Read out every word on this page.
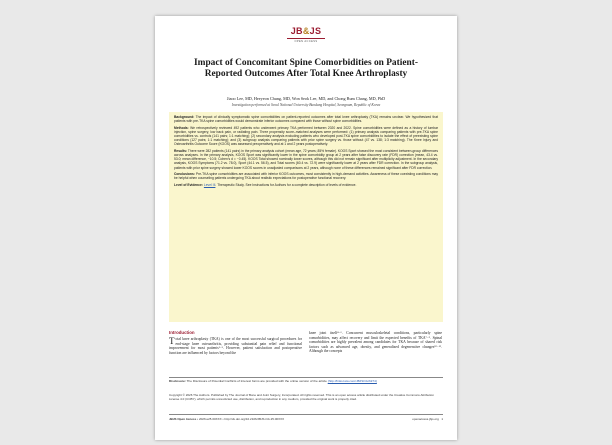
JB&JS
OPEN ACCESS
Impact of Concomitant Spine Comorbidities on Patient-Reported Outcomes After Total Knee Arthroplasty
Jiaoo Lee, MD, Heeyeon Chung, MD, Won Seok Lee, MD, and Chong Bum Chang, MD, PhD
Investigation performed at Seoul National University Bundang Hospital, Seongnam, Republic of Korea

Background: The impact of clinically symptomatic spine comorbidities on patient-reported outcomes after total knee arthroplasty (TKA) remains unclear. We hypothesized that patients with pre-TKA spine comorbidities would demonstrate inferior outcomes compared with those without spine comorbidities.

Methods: We retrospectively reviewed 492 patients who underwent primary TKA performed between 2020 and 2022. Spine comorbidities were defined as a history of lumbar injection, spine surgery, low back pain, or radiating pain. Three propensity score–matched analyses were performed: (1) primary analysis comparing patients with pre-TKA spine comorbidities vs. controls (141 pairs; 1:1 matching); (2) secondary analysis excluding patients who developed post-TKA spine comorbidities to isolate the effect of preexisting spine conditions (127 pairs; 1:1 matching); and (3) subgroup analysis comparing patients with prior spine surgery vs. those without (47 vs. 138; 1:3 matching). The Knee Injury and Osteoarthritis Outcome Score (KOOS) was assessed preoperatively and at 1 and 2 years postoperatively.

Results: There were 282 patients (141 pairs) in the primary analysis cohort (mean age, 72 years; 85% female). KOOS Sport showed the most consistent between-group differences across analyses. In the primary analysis, KOOS Sport was significantly lower in the spine comorbidity group at 2 years after false discovery rate (FDR) correction (mean, 43.4 vs. 53.0; mean difference, −10.5; Cohen's d = −0.45). KOOS Total showed nominally lower scores, although this did not remain significant after multiplicity adjustment. In the secondary analysis, KOOS Symptoms (71.2 vs. 78.0), Sport (44.1 vs. 56.5), and Total scores (60.4 vs. 72.9) were significantly lower at 2 years after FDR correction. In the subgroup analysis, patients with prior spine surgery showed lower KOOS scores in unadjusted comparisons at 2 years, although none of these differences remained significant after FDR correction.

Conclusions: Pre-TKA spine comorbidities are associated with inferior KOOS outcomes, most consistently in high-demand activities. Awareness of these coexisting conditions may be helpful when counseling patients undergoing TKA about realistic expectations for postoperative functional recovery.

Level of Evidence: Level III. Therapeutic Study. See Instructions for Authors for a complete description of levels of evidence.

Introduction
T otal knee arthroplasty (TKA) is one of the most successful surgical procedures for end-stage knee osteoarthritis, providing substantial pain relief and functional improvement for most patients¹⁻³. However, patient satisfaction and postoperative function are influenced by factors beyond the
knee joint itself⁴⁻⁶. Concurrent musculoskeletal conditions, particularly spine comorbidities, may affect recovery and limit the expected benefits of TKA⁷⁻⁹. Spinal comorbidities are highly prevalent among candidates for TKA because of shared risk factors such as advanced age, obesity, and generalized degenerative changes¹⁰⁻¹². Although the concepts
Disclosure: The Disclosure of Potential Conflicts of Interest forms are provided with the online version of the article (http://links.lww.com/JBJSOA/A974)
Copyright © 2026 The Authors. Published by The Journal of Bone and Joint Surgery, Incorporated. All rights reserved. This is an open access article distributed under the Creative Commons Attribution License 4.0 (CCBY), which permits unrestricted use, distribution, and reproduction in any medium, provided the original work is properly cited.
JBJS Open Access • 2026:e25.00XXX • http://dx.doi.org/10.2106/JBJS.OA.25.00XXX	openaccess.jbjs.org 1
